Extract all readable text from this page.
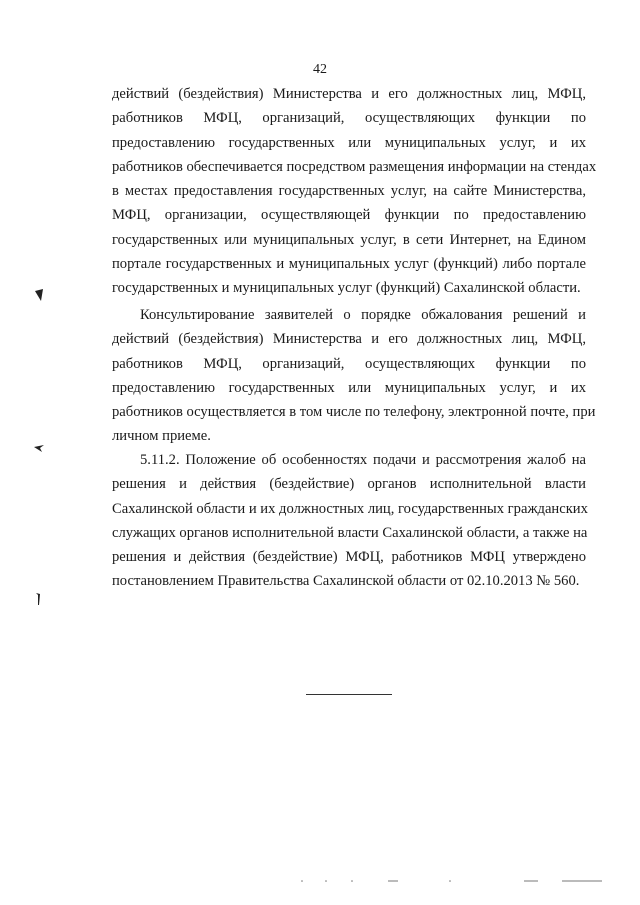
42
действий (бездействия) Министерства и его должностных лиц, МФЦ,
работников МФЦ, организаций, осуществляющих функции по
предоставлению государственных или муниципальных услуг, и их
работников обеспечивается посредством размещения информации на стендах
в местах предоставления государственных услуг, на сайте Министерства,
МФЦ, организации, осуществляющей функции по предоставлению
государственных или муниципальных услуг, в сети Интернет, на Едином
портале государственных и муниципальных услуг (функций) либо портале
государственных и муниципальных услуг (функций) Сахалинской области.
Консультирование заявителей о порядке обжалования решений и
действий (бездействия) Министерства и его должностных лиц, МФЦ,
работников МФЦ, организаций, осуществляющих функции по
предоставлению государственных или муниципальных услуг, и их
работников осуществляется в том числе по телефону, электронной почте, при
личном приеме.
5.11.2. Положение об особенностях подачи и рассмотрения жалоб на
решения и действия (бездействие) органов исполнительной власти
Сахалинской области и их должностных лиц, государственных гражданских
служащих органов исполнительной власти Сахалинской области, а также на
решения и действия (бездействие) МФЦ, работников МФЦ утверждено
постановлением Правительства Сахалинской области от 02.10.2013 № 560.
